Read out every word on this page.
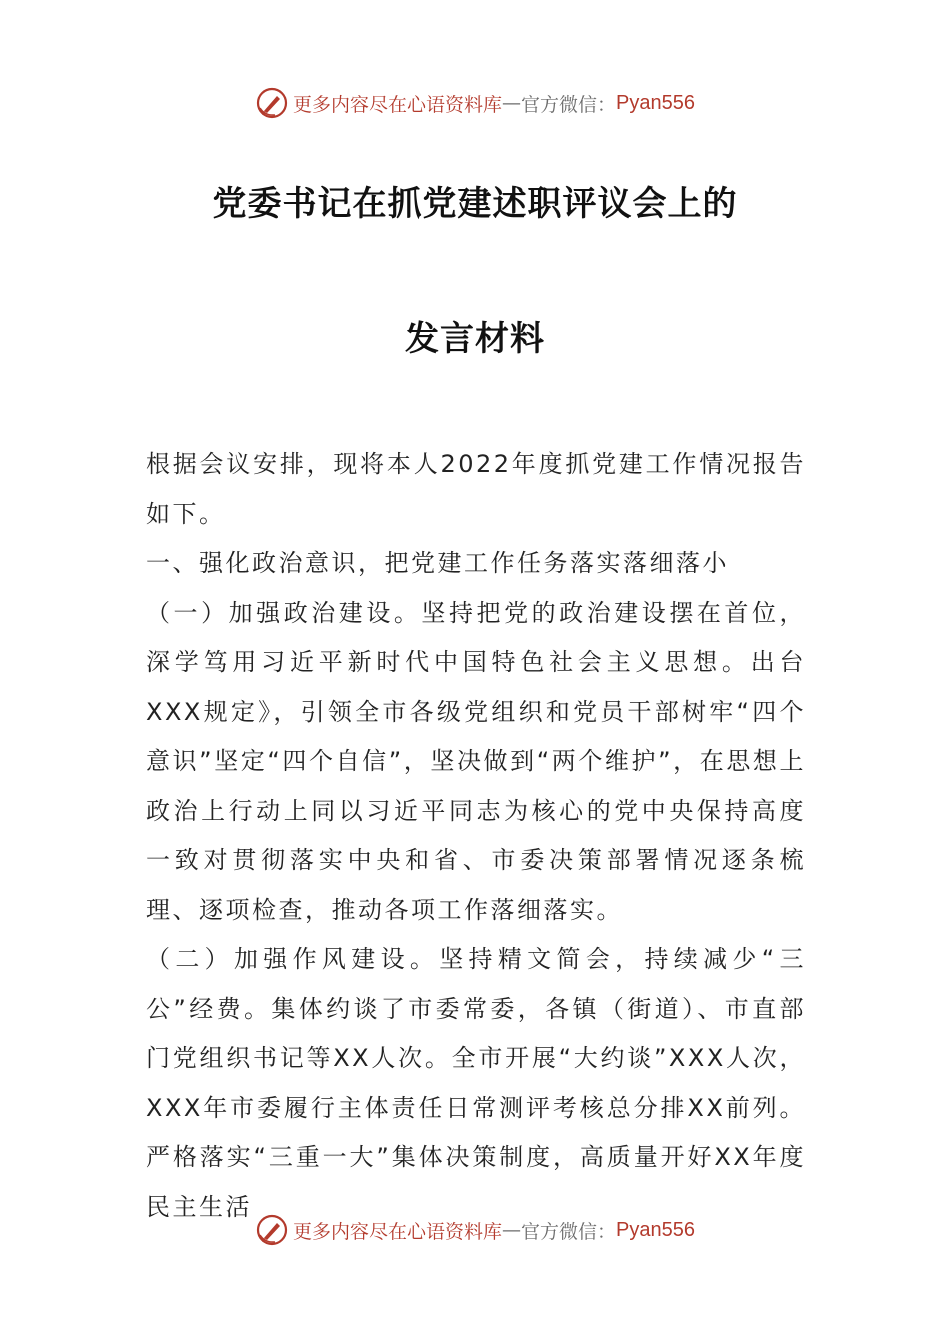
更多内容尽在心语资料库 — 官方微信： Pyan556
党委书记在抓党建述职评议会上的
发言材料

根据会议安排，现将本人2022年度抓党建工作情况报告如下。

一、强化政治意识，把党建工作任务落实落细落小

（一）加强政治建设。坚持把党的政治建设摆在首位，深学笃用习近平新时代中国特色社会主义思想。出台XXX规定》，引领全市各级党组织和党员干部树牢“四个意识”坚定“四个自信”，坚决做到“两个维护”，在思想上政治上行动上同以习近平同志为核心的党中央保持高度一致对贯彻落实中央和省、市委决策部署情况逐条梳理、逐项检查，推动各项工作落细落实。

（二）加强作风建设。坚持精文简会，持续减少“三公”经费。集体约谈了市委常委，各镇（街道）、市直部门党组织书记等XX人次。全市开展“大约谈”XXX人次，XXX年市委履行主体责任日常测评考核总分排XX前列。严格落实“三重一大”集体决策制度，高质量开好XX年度民主生活

更多内容尽在心语资料库 — 官方微信： Pyan556
